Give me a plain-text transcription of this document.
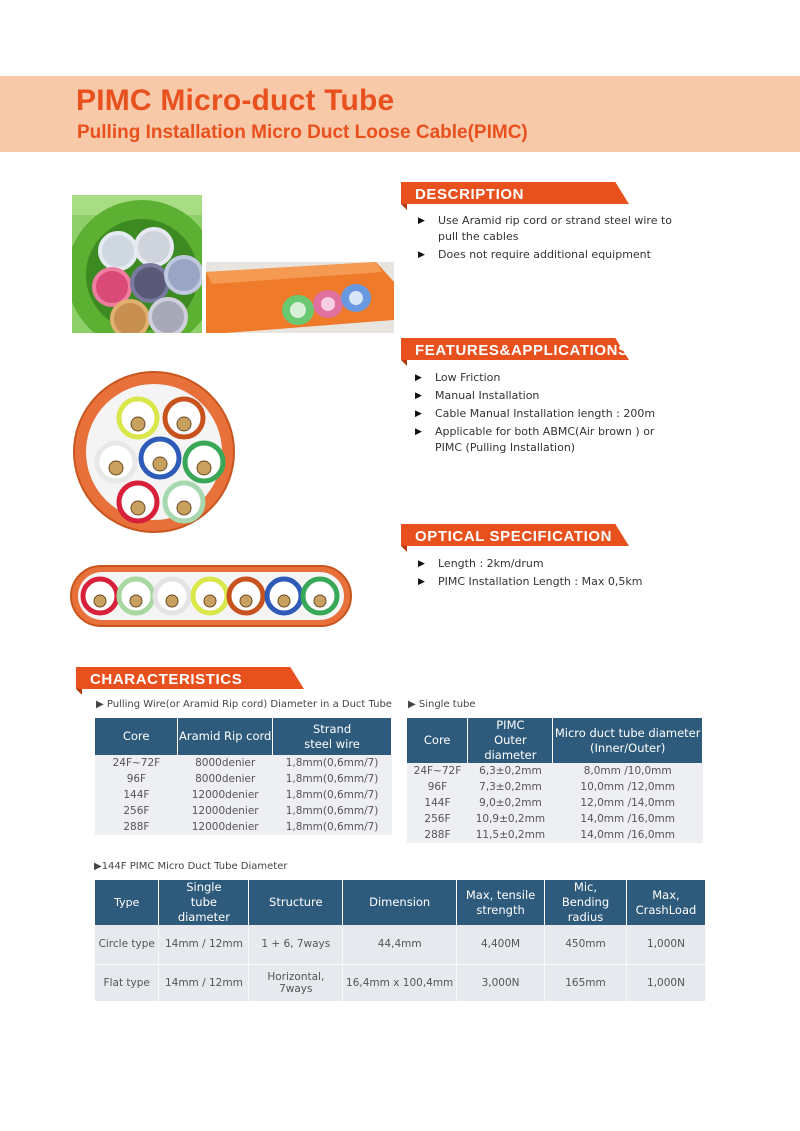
PIMC Micro-duct Tube
Pulling Installation Micro Duct Loose Cable(PIMC)
DESCRIPTION
▶ Use Aramid rip cord or strand steel wire to pull the cables
▶ Does not require additional equipment
FEATURES&APPLICATIONS
▶ Low Friction
▶ Manual Installation
▶ Cable Manual Installation length : 200m
▶ Applicable for both ABMC(Air brown ) or PIMC (Pulling Installation)
OPTICAL SPECIFICATION
▶ Length : 2km/drum
▶ PIMC Installation Length : Max 0,5km
CHARACTERISTICS
▶ Pulling Wire(or Aramid Rip cord) Diameter in a Duct Tube ▶ Single tube
Core	Aramid Rip cord	Strand steel wire
24F~72F	8000denier	1,8mm(0,6mm/7)
96F	8000denier	1,8mm(0,6mm/7)
144F	12000denier	1,8mm(0,6mm/7)
256F	12000denier	1,8mm(0,6mm/7)
288F	12000denier	1,8mm(0,6mm/7)
Core	PIMC Outer diameter	Micro duct tube diameter (Inner/Outer)
24F~72F	6,3±0,2mm	8,0mm /10,0mm
96F	7,3±0,2mm	10,0mm /12,0mm
144F	9,0±0,2mm	12,0mm /14,0mm
256F	10,9±0,2mm	14,0mm /16,0mm
288F	11,5±0,2mm	14,0mm /16,0mm
▶144F PIMC Micro Duct Tube Diameter
Type	Single tube diameter	Structure	Dimension	Max, tensile strength	Mic, Bending radius	Max, CrashLoad
Circle type	14mm / 12mm	1 + 6, 7ways	44,4mm	4,400M	450mm	1,000N
Flat type	14mm / 12mm	Horizontal, 7ways	16,4mm x 100,4mm	3,000N	165mm	1,000N
